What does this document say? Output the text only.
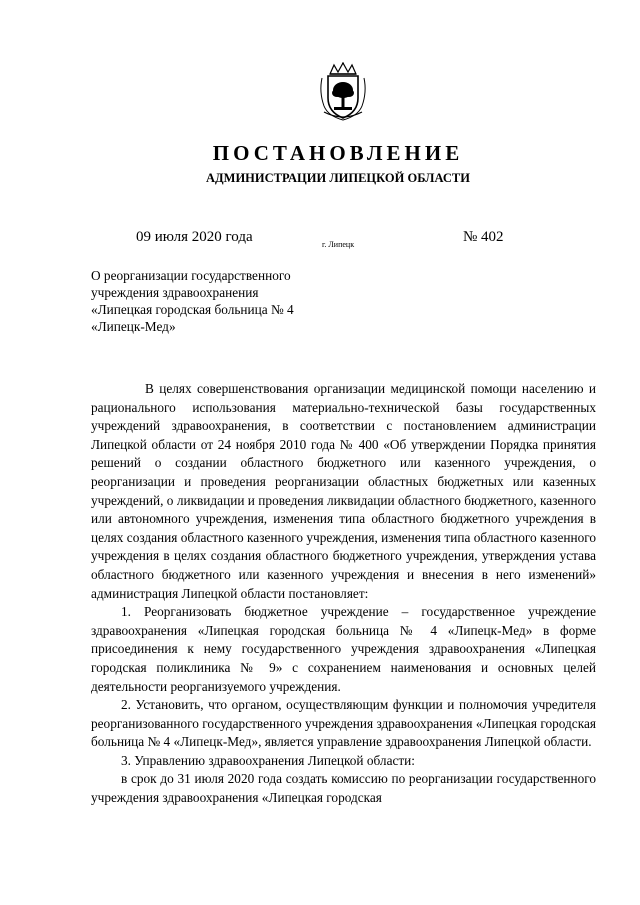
ПОСТАНОВЛЕНИЕ
АДМИНИСТРАЦИИ ЛИПЕЦКОЙ ОБЛАСТИ
09 июля 2020 года	г. Липецк	№ 402
О реорганизации государственного
учреждения здравоохранения
«Липецкая городская больница № 4
«Липецк-Мед»

В целях совершенствования организации медицинской помощи населению и рационального использования материально-технической базы государственных учреждений здравоохранения, в соответствии с постановлением администрации Липецкой области от 24 ноября 2010 года № 400 «Об утверждении Порядка принятия решений о создании областного бюджетного или казенного учреждения, о реорганизации и проведения реорганизации областных бюджетных или казенных учреждений, о ликвидации и проведения ликвидации областного бюджетного, казенного или автономного учреждения, изменения типа областного бюджетного учреждения в целях создания областного казенного учреждения, изменения типа областного казенного учреждения в целях создания областного бюджетного учреждения, утверждения устава областного бюджетного или казенного учреждения и внесения в него изменений» администрация Липецкой области постановляет:

1. Реорганизовать бюджетное учреждение – государственное учреждение здравоохранения «Липецкая городская больница № 4 «Липецк-Мед» в форме присоединения к нему государственного учреждения здравоохранения «Липецкая городская поликлиника № 9» с сохранением наименования и основных целей деятельности реорганизуемого учреждения.

2. Установить, что органом, осуществляющим функции и полномочия учредителя реорганизованного государственного учреждения здравоохранения «Липецкая городская больница № 4 «Липецк-Мед», является управление здравоохранения Липецкой области.

3. Управлению здравоохранения Липецкой области:

в срок до 31 июля 2020 года создать комиссию по реорганизации государственного учреждения здравоохранения «Липецкая городская
